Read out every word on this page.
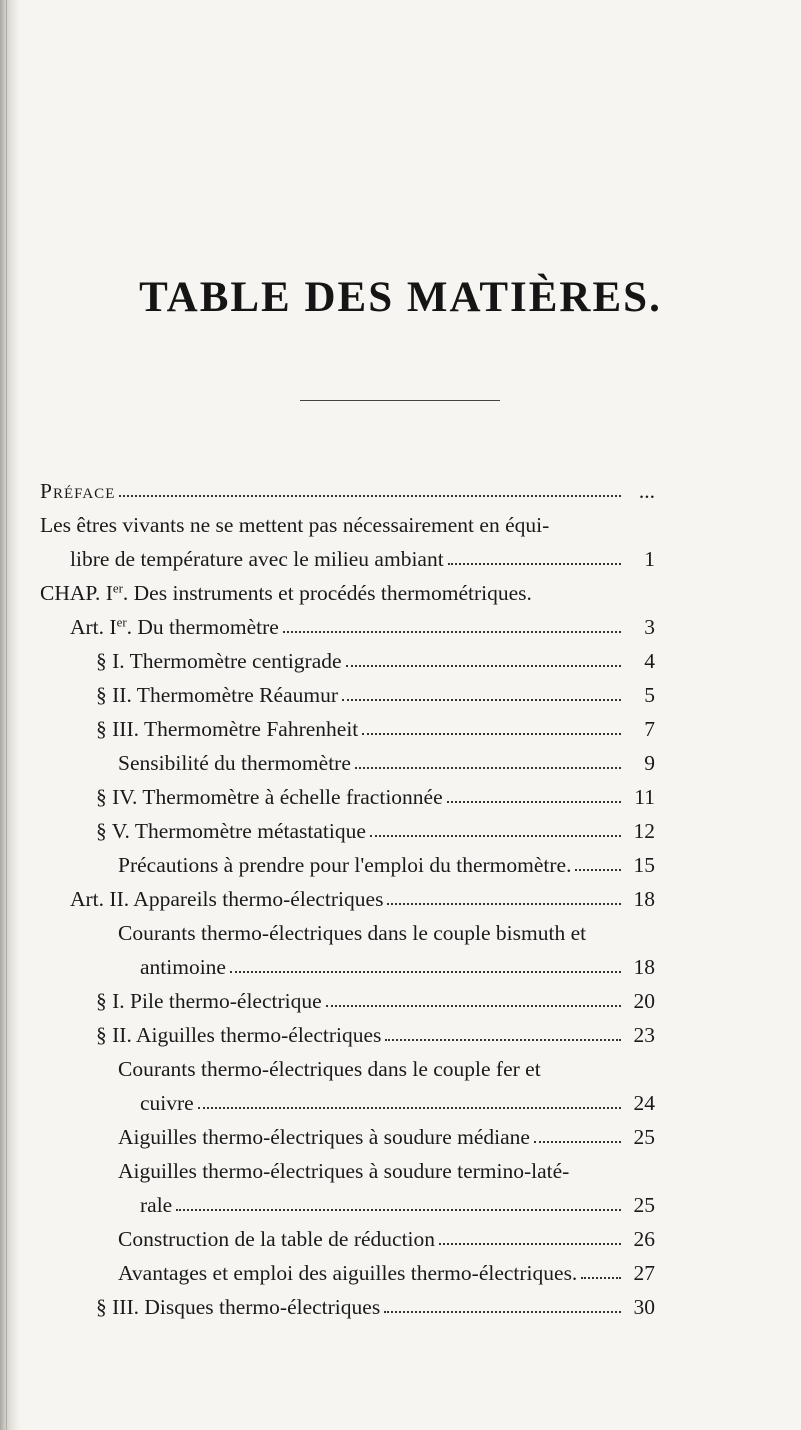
TABLE DES MATIÈRES.
Préface	...
Les êtres vivants ne se mettent pas nécessairement en équi-
libre de température avec le milieu ambiant	1
CHAP. Ier. Des instruments et procédés thermométriques.
Art. Ier. Du thermomètre	3
§ I. Thermomètre centigrade	4
§ II. Thermomètre Réaumur	5
§ III. Thermomètre Fahrenheit	7
Sensibilité du thermomètre	9
§ IV. Thermomètre à échelle fractionnée	11
§ V. Thermomètre métastatique	12
Précautions à prendre pour l'emploi du thermomètre.	15
Art. II. Appareils thermo-électriques	18
Courants thermo-électriques dans le couple bismuth et
antimoine	18
§ I. Pile thermo-électrique	20
§ II. Aiguilles thermo-électriques	23
Courants thermo-électriques dans le couple fer et
cuivre	24
Aiguilles thermo-électriques à soudure médiane	25
Aiguilles thermo-électriques à soudure termino-laté-
rale	25
Construction de la table de réduction	26
Avantages et emploi des aiguilles thermo-électriques.	27
§ III. Disques thermo-électriques	30
